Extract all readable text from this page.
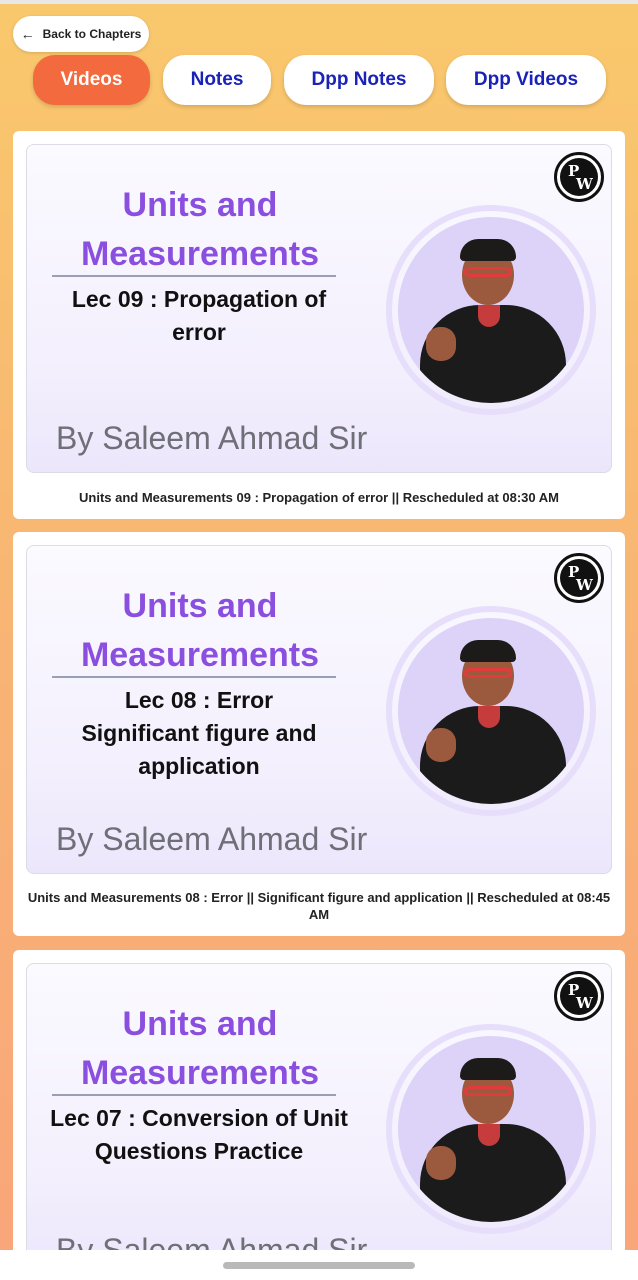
← Back to Chapters
Videos	Notes	Dpp Notes	Dpp Videos
Units and
Measurements
Lec 09 : Propagation of
error
By Saleem Ahmad Sir
P
W
Units and Measurements 09 : Propagation of error || Rescheduled at 08:30 AM
Units and
Measurements
Lec 08 : Error
Significant figure and
application
By Saleem Ahmad Sir
P
W
Units and Measurements 08 : Error || Significant figure and application || Rescheduled at 08:45 AM
Units and
Measurements
Lec 07 : Conversion of Unit
Questions Practice
P
W
